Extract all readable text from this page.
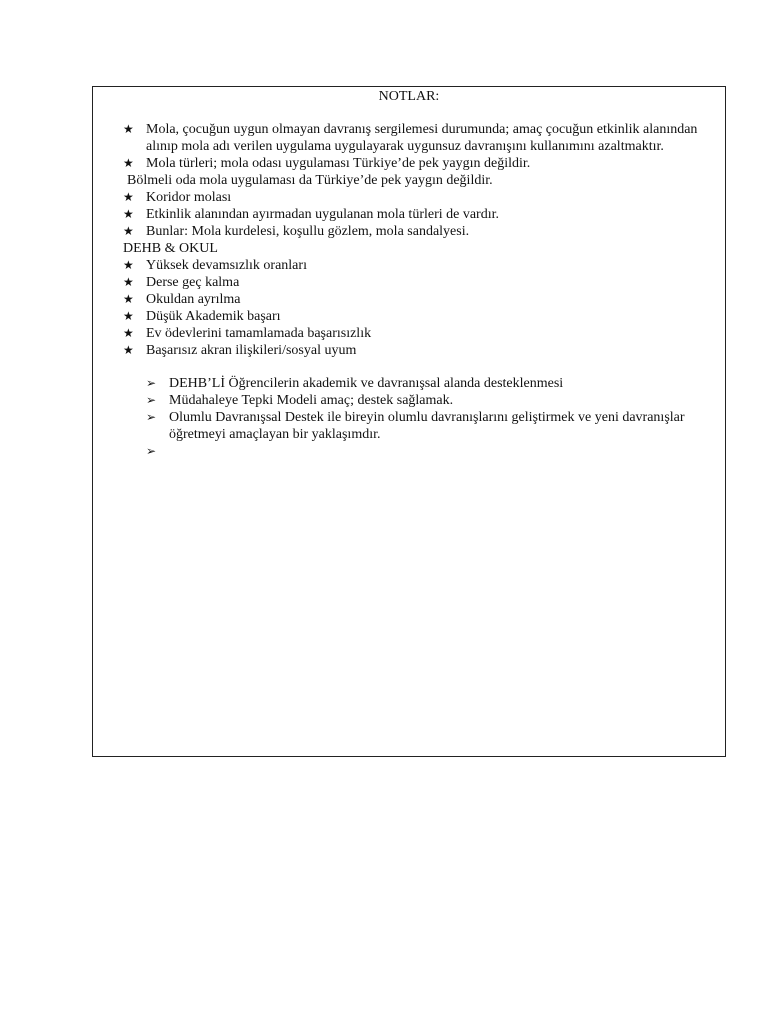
NOTLAR:
★ Mola, çocuğun uygun olmayan davranış sergilemesi durumunda; amaç çocuğun etkinlik alanından alınıp mola adı verilen uygulama uygulayarak uygunsuz davranışını kullanımını azaltmaktır.
★ Mola türleri; mola odası uygulaması Türkiye’de pek yaygın değildir.
Bölmeli oda mola uygulaması da Türkiye’de pek yaygın değildir.
★ Koridor molası
★ Etkinlik alanından ayırmadan uygulanan mola türleri de vardır.
★ Bunlar: Mola kurdelesi, koşullu gözlem, mola sandalyesi.
DEHB & OKUL
★ Yüksek devamsızlık oranları
★ Derse geç kalma
★ Okuldan ayrılma
★ Düşük Akademik başarı
★ Ev ödevlerini tamamlamada başarısızlık
★ Başarısız akran ilişkileri/sosyal uyum
➢ DEHB’Lİ Öğrencilerin akademik ve davranışsal alanda desteklenmesi
➢ Müdahaleye Tepki Modeli amaç; destek sağlamak.
➢ Olumlu Davranışsal Destek ile bireyin olumlu davranışlarını geliştirmek ve yeni davranışlar öğretmeyi amaçlayan bir yaklaşımdır.
➢
